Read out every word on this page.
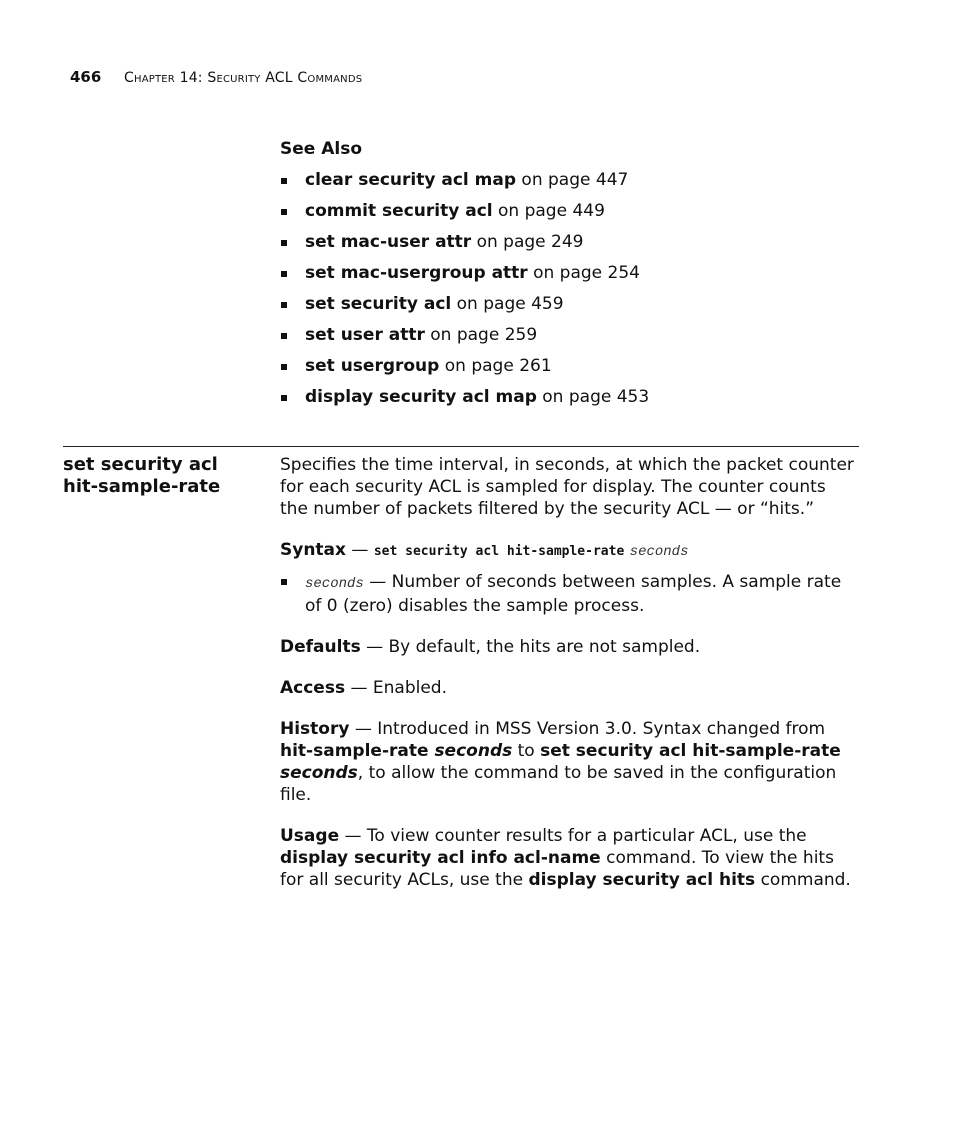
466 Chapter 14: Security ACL Commands

See Also

clear security acl map on page 447
commit security acl on page 449
set mac-user attr on page 249
set mac-usergroup attr on page 254
set security acl on page 459
set user attr on page 259
set usergroup on page 261
display security acl map on page 453
set security acl
hit-sample-rate

Specifies the time interval, in seconds, at which the packet counter for each security ACL is sampled for display. The counter counts the number of packets filtered by the security ACL — or “hits.”

Syntax — set security acl hit-sample-rate seconds

seconds — Number of seconds between samples. A sample rate of 0 (zero) disables the sample process.

Defaults — By default, the hits are not sampled.

Access — Enabled.

History — Introduced in MSS Version 3.0. Syntax changed from hit-sample-rate seconds to set security acl hit-sample-rate seconds, to allow the command to be saved in the configuration file.

Usage — To view counter results for a particular ACL, use the display security acl info acl-name command. To view the hits for all security ACLs, use the display security acl hits command.
